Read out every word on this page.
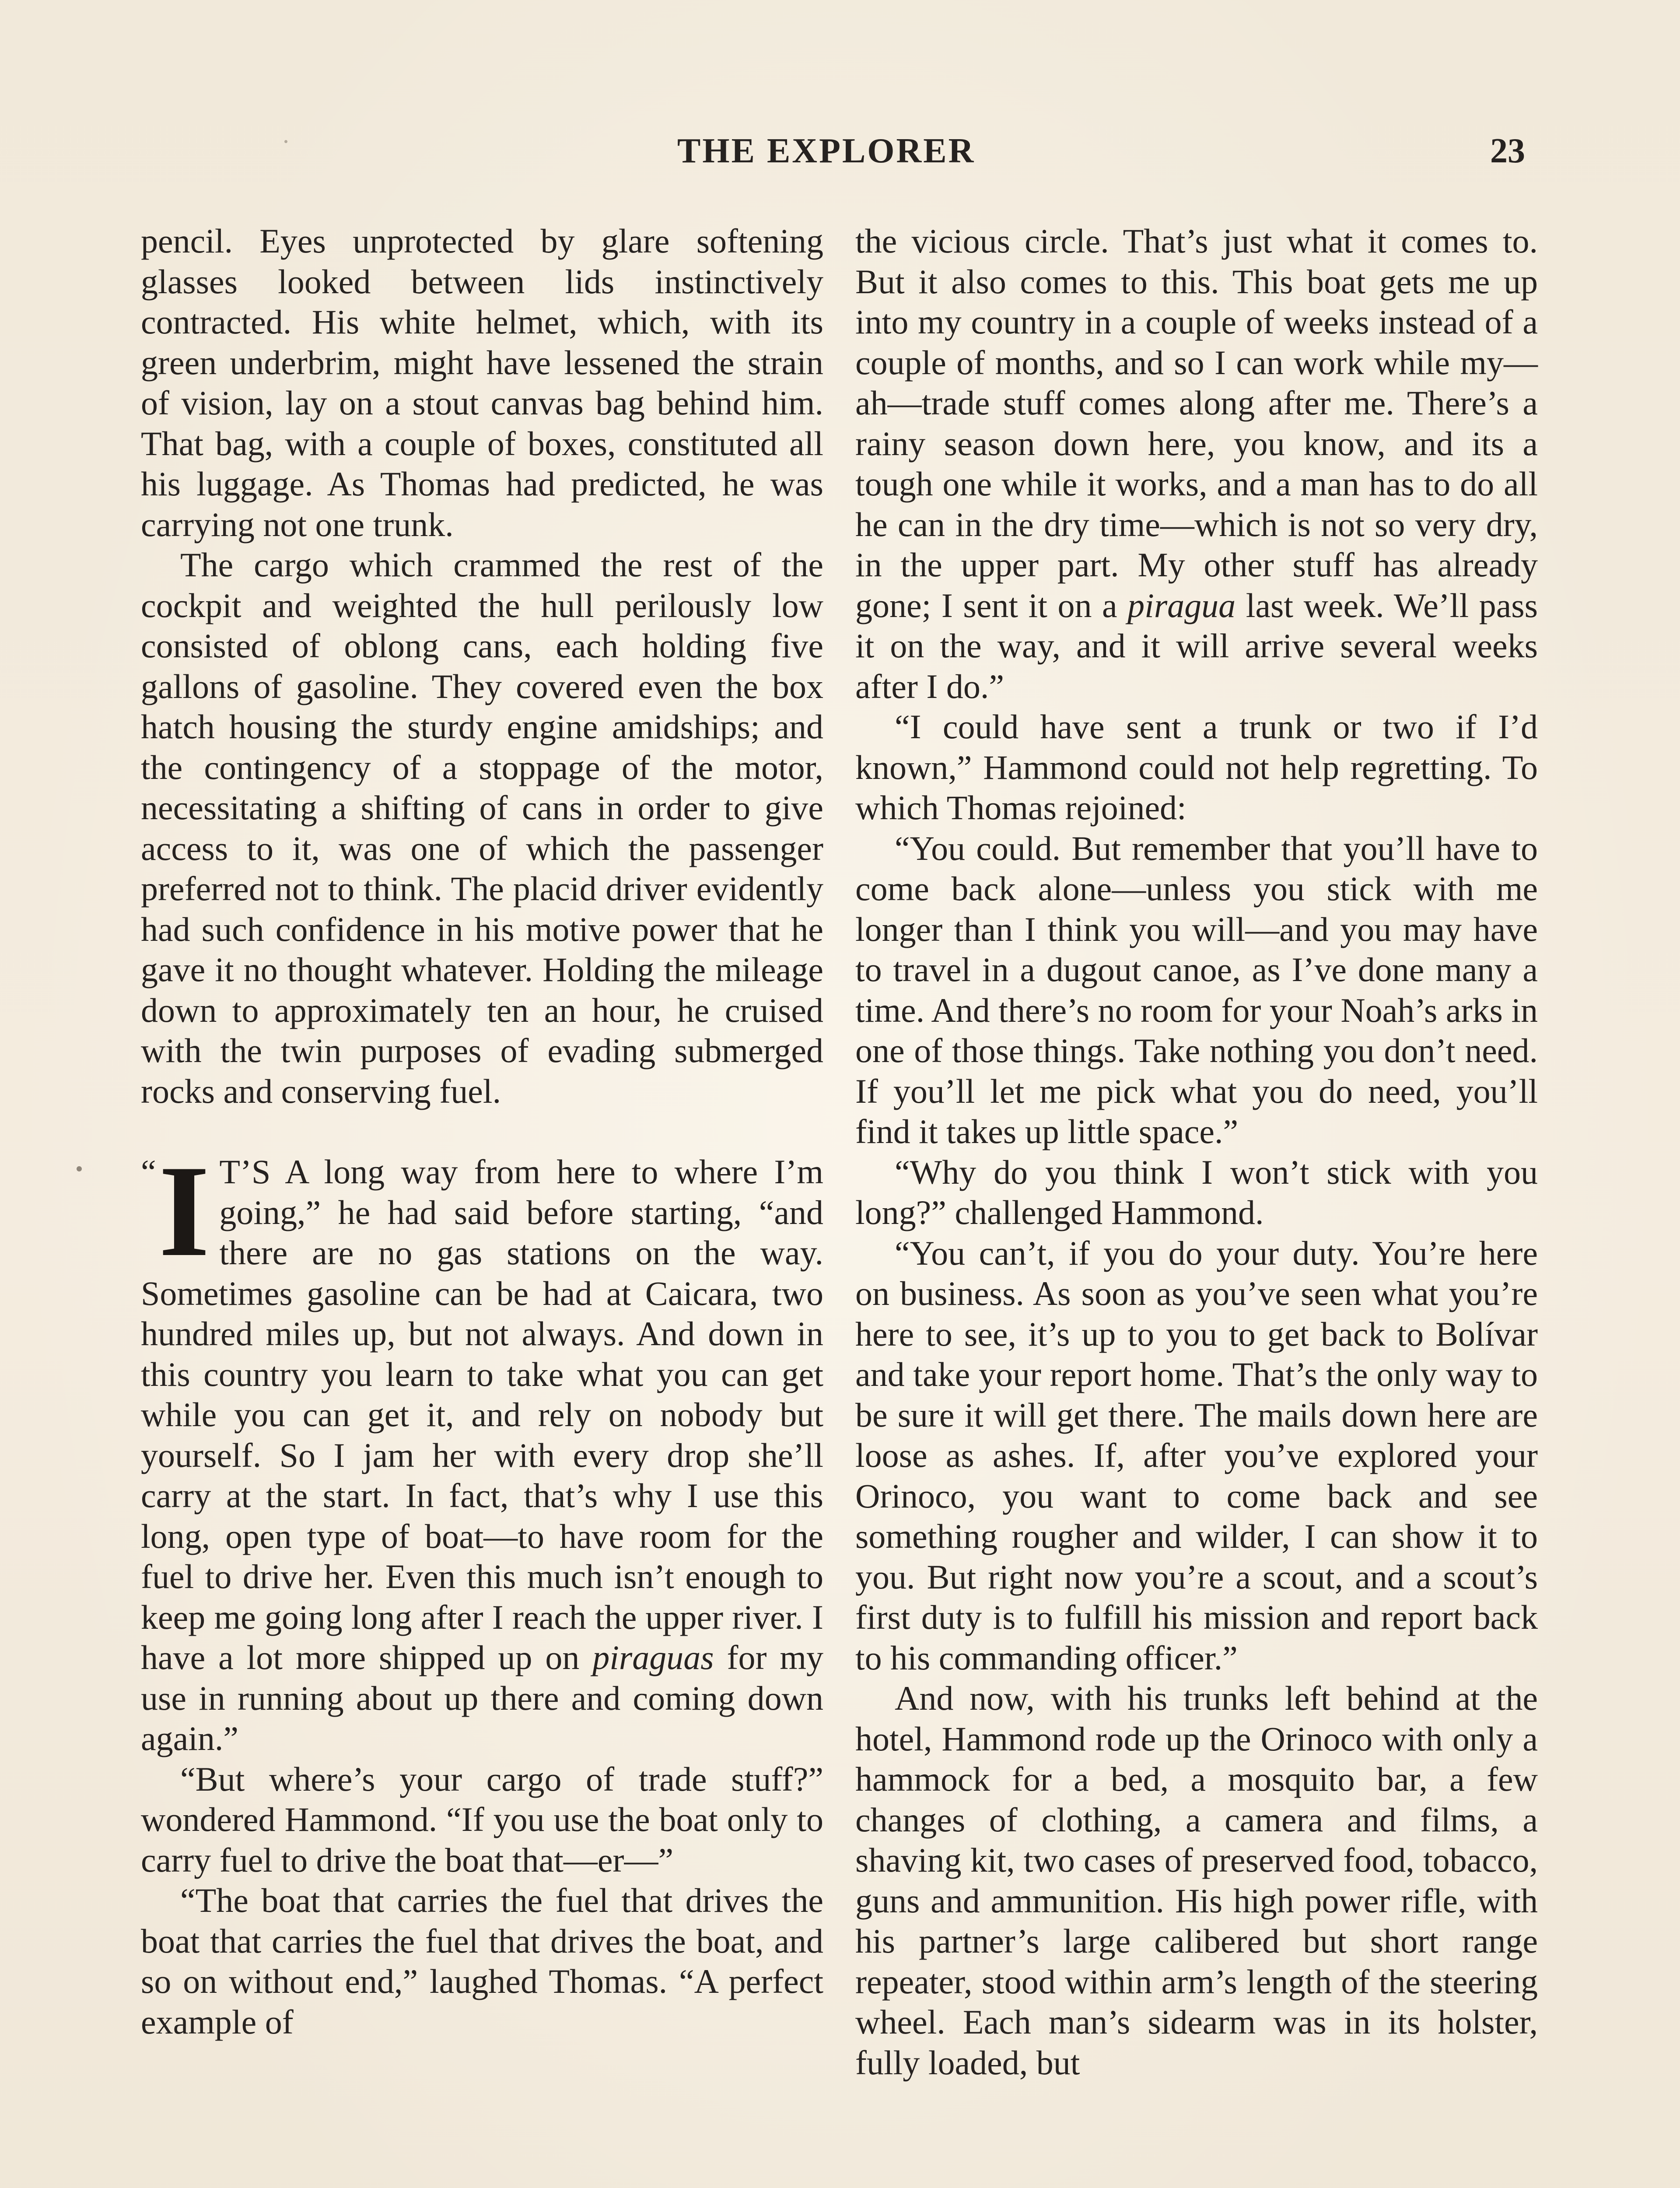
THE EXPLORER	23

pencil. Eyes unprotected by glare softening glasses looked between lids instinctively contracted. His white helmet, which, with its green underbrim, might have lessened the strain of vision, lay on a stout canvas bag behind him. That bag, with a couple of boxes, constituted all his luggage. As Thomas had predicted, he was carrying not one trunk.

The cargo which crammed the rest of the cockpit and weighted the hull perilously low consisted of oblong cans, each holding five gallons of gasoline. They covered even the box hatch housing the sturdy engine amidships; and the contingency of a stoppage of the motor, necessitating a shifting of cans in order to give access to it, was one of which the passenger preferred not to think. The placid driver evidently had such confidence in his motive power that he gave it no thought whatever. Holding the mileage down to approximately ten an hour, he cruised with the twin purposes of evading submerged rocks and conserving fuel.

“ I T’S A long way from here to where I’m going,” he had said before starting, “and there are no gas stations on the way. Sometimes gasoline can be had at Caicara, two hundred miles up, but not always. And down in this country you learn to take what you can get while you can get it, and rely on nobody but yourself. So I jam her with every drop she’ll carry at the start. In fact, that’s why I use this long, open type of boat—to have room for the fuel to drive her. Even this much isn’t enough to keep me going long after I reach the upper river. I have a lot more shipped up on piraguas for my use in running about up there and coming down again.”

“But where’s your cargo of trade stuff?” wondered Hammond. “If you use the boat only to carry fuel to drive the boat that—er—”

“The boat that carries the fuel that drives the boat that carries the fuel that drives the boat, and so on without end,” laughed Thomas. “A perfect example of

the vicious circle. That’s just what it comes to. But it also comes to this. This boat gets me up into my country in a couple of weeks instead of a couple of months, and so I can work while my—ah—trade stuff comes along after me. There’s a rainy season down here, you know, and its a tough one while it works, and a man has to do all he can in the dry time—which is not so very dry, in the upper part. My other stuff has already gone; I sent it on a piragua last week. We’ll pass it on the way, and it will arrive several weeks after I do.”

“I could have sent a trunk or two if I’d known,” Hammond could not help regretting. To which Thomas rejoined:

“You could. But remember that you’ll have to come back alone—unless you stick with me longer than I think you will—and you may have to travel in a dugout canoe, as I’ve done many a time. And there’s no room for your Noah’s arks in one of those things. Take nothing you don’t need. If you’ll let me pick what you do need, you’ll find it takes up little space.”

“Why do you think I won’t stick with you long?” challenged Hammond.

“You can’t, if you do your duty. You’re here on business. As soon as you’ve seen what you’re here to see, it’s up to you to get back to Bolívar and take your report home. That’s the only way to be sure it will get there. The mails down here are loose as ashes. If, after you’ve explored your Orinoco, you want to come back and see something rougher and wilder, I can show it to you. But right now you’re a scout, and a scout’s first duty is to fulfill his mission and report back to his commanding officer.”

And now, with his trunks left behind at the hotel, Hammond rode up the Orinoco with only a hammock for a bed, a mosquito bar, a few changes of clothing, a camera and films, a shaving kit, two cases of preserved food, tobacco, guns and ammunition. His high power rifle, with his partner’s large calibered but short range repeater, stood within arm’s length of the steering wheel. Each man’s sidearm was in its holster, fully loaded, but
